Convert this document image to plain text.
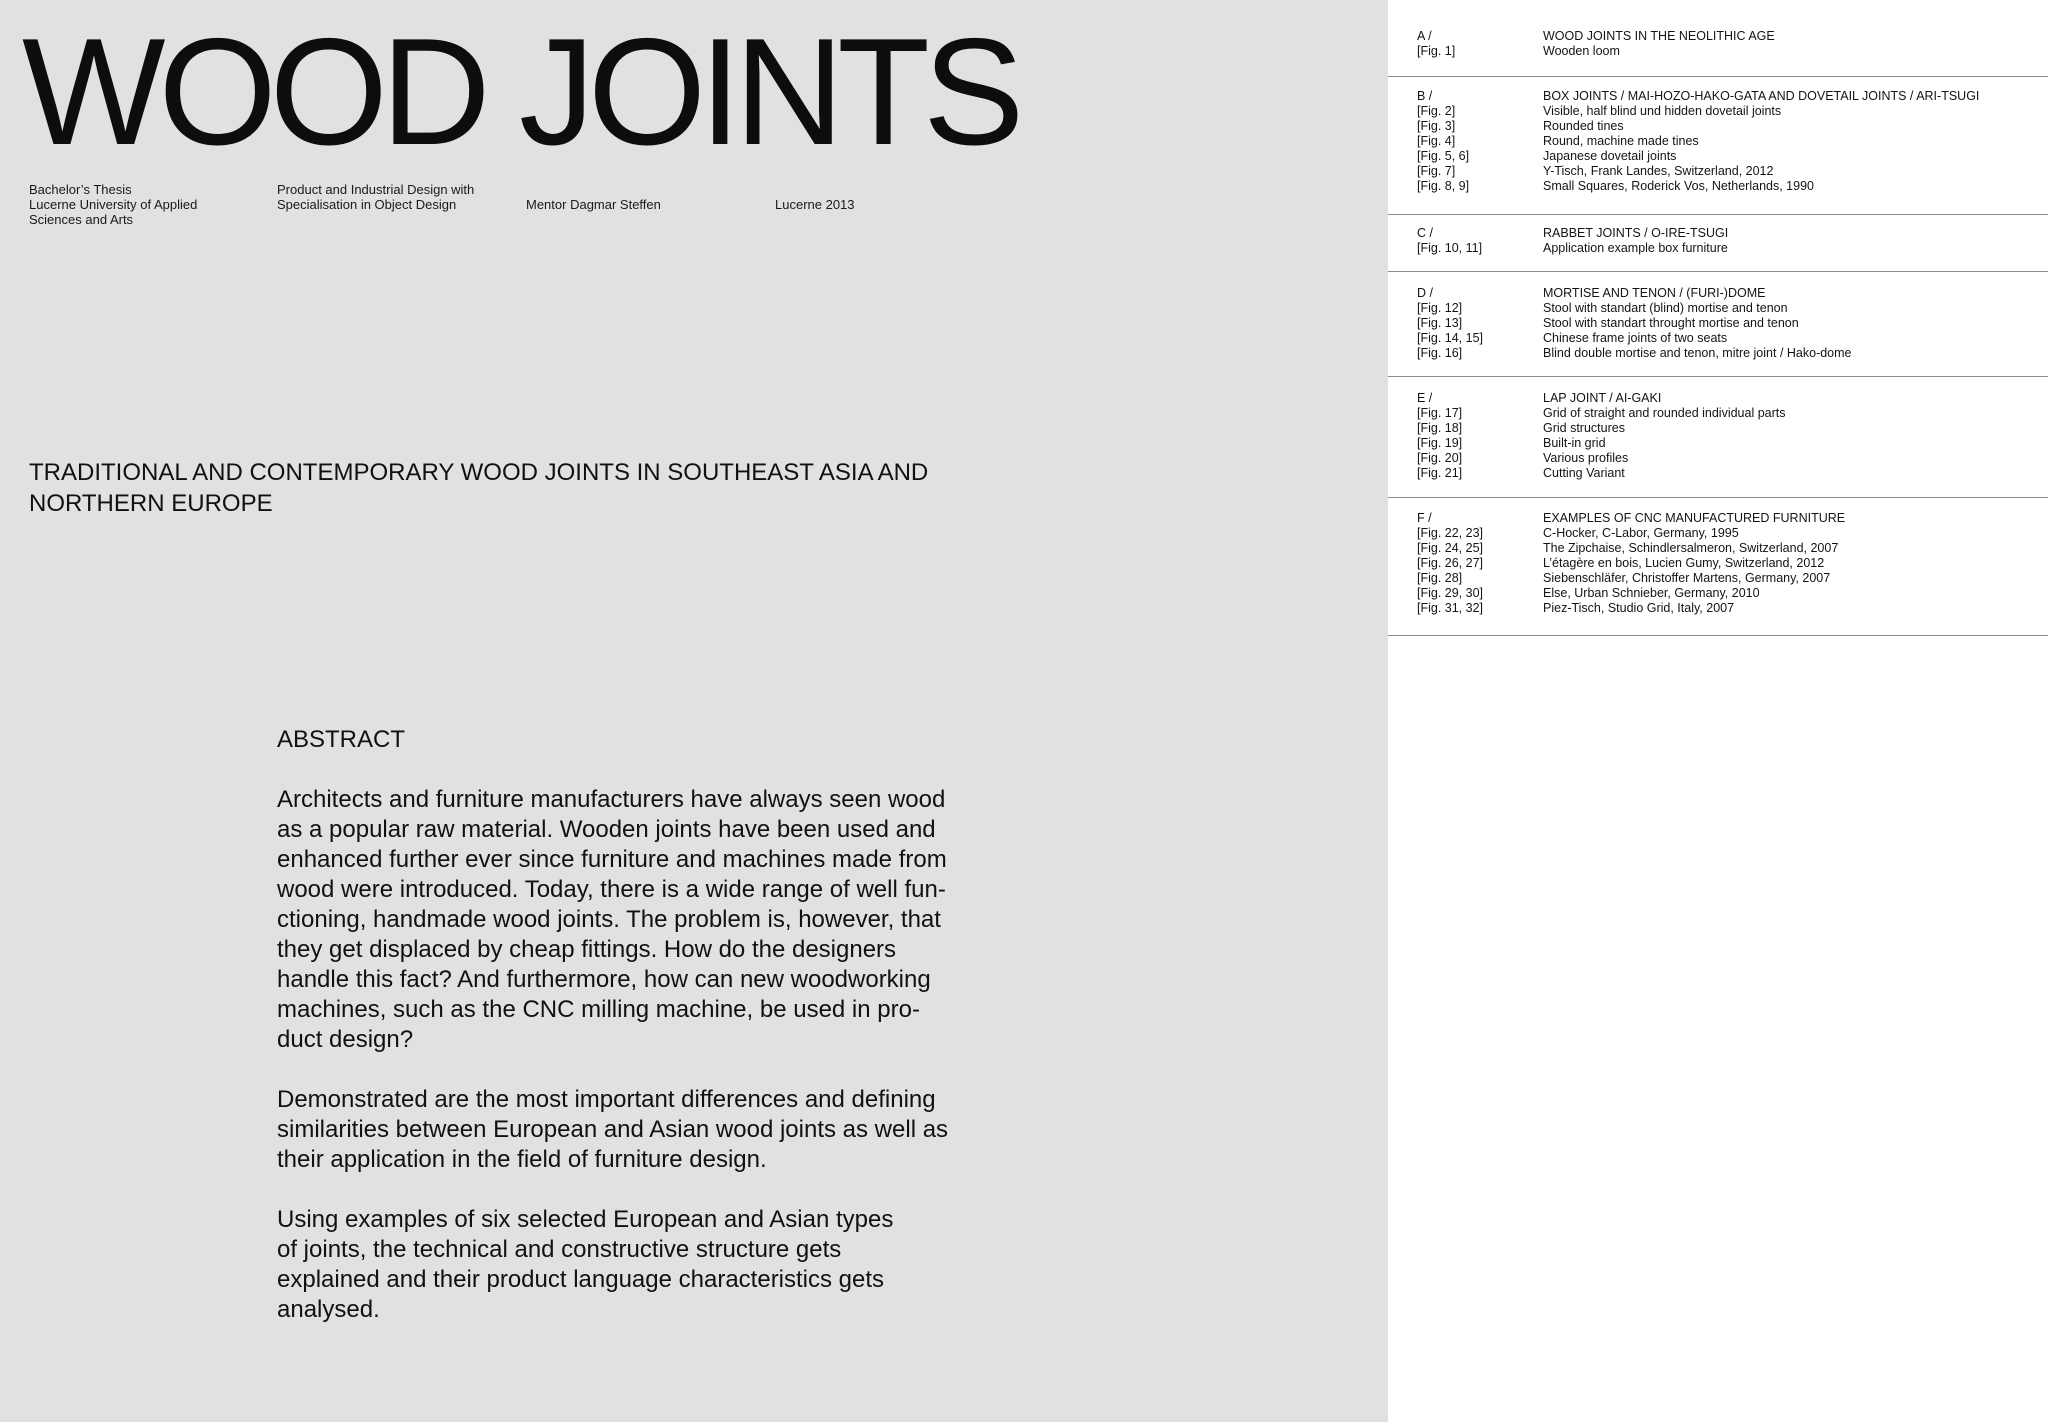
WOOD JOINTS
Bachelor’s Thesis
Lucerne University of Applied
Sciences and Arts
Product and Industrial Design with
Specialisation in Object Design	Mentor Dagmar Steffen	Lucerne 2013
TRADITIONAL AND CONTEMPORARY WOOD JOINTS IN SOUTHEAST ASIA AND
NORTHERN EUROPE
ABSTRACT
Architects and furniture manufacturers have always seen wood
as a popular raw material. Wooden joints have been used and
enhanced further ever since furniture and machines made from
wood were introduced. Today, there is a wide range of well fun-
ctioning, handmade wood joints. The problem is, however, that
they get displaced by cheap fittings. How do the designers
handle this fact? And furthermore, how can new woodworking
machines, such as the CNC milling machine, be used in pro-
duct design?
Demonstrated are the most important differences and defining
similarities between European and Asian wood joints as well as
their application in the field of furniture design.
Using examples of six selected European and Asian types
of joints, the technical and constructive structure gets
explained and their product language characteristics gets
analysed.
A /	WOOD JOINTS IN THE NEOLITHIC AGE
[Fig. 1]	Wooden loom
B /	BOX JOINTS / MAI-HOZO-HAKO-GATA AND DOVETAIL JOINTS / ARI-TSUGI
[Fig. 2]	Visible, half blind und hidden dovetail joints
[Fig. 3]	Rounded tines
[Fig. 4]	Round, machine made tines
[Fig. 5, 6]	Japanese dovetail joints
[Fig. 7]	Y-Tisch, Frank Landes, Switzerland, 2012
[Fig. 8, 9]	Small Squares, Roderick Vos, Netherlands, 1990
C /	RABBET JOINTS / O-IRE-TSUGI
[Fig. 10, 11]	Application example box furniture
D /	MORTISE AND TENON / (FURI-)DOME
[Fig. 12]	Stool with standart (blind) mortise and tenon
[Fig. 13]	Stool with standart throught mortise and tenon
[Fig. 14, 15]	Chinese frame joints of two seats
[Fig. 16]	Blind double mortise and tenon, mitre joint / Hako-dome
E /	LAP JOINT / AI-GAKI
[Fig. 17]	Grid of straight and rounded individual parts
[Fig. 18]	Grid structures
[Fig. 19]	Built-in grid
[Fig. 20]	Various profiles
[Fig. 21]	Cutting Variant
F /	EXAMPLES OF CNC MANUFACTURED FURNITURE
[Fig. 22, 23]	C-Hocker, C-Labor, Germany, 1995
[Fig. 24, 25]	The Zipchaise, Schindlersalmeron, Switzerland, 2007
[Fig. 26, 27]	L’étagère en bois, Lucien Gumy, Switzerland, 2012
[Fig. 28]	Siebenschläfer, Christoffer Martens, Germany, 2007
[Fig. 29, 30]	Else, Urban Schnieber, Germany, 2010
[Fig. 31, 32]	Piez-Tisch, Studio Grid, Italy, 2007
